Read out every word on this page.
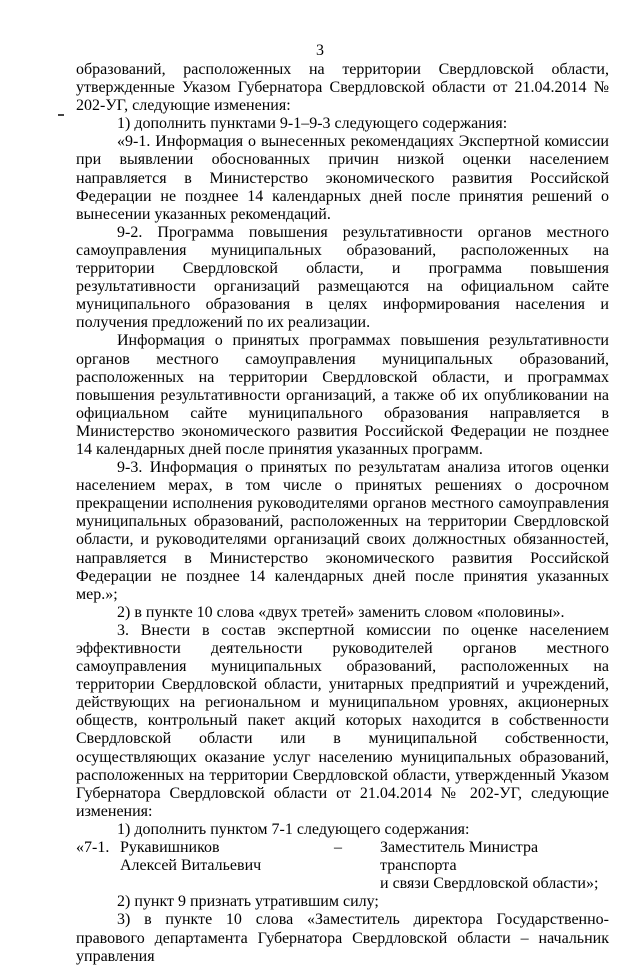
3

образований, расположенных на территории Свердловской области, утвержденные Указом Губернатора Свердловской области от 21.04.2014 № 202-УГ, следующие изменения:

1) дополнить пунктами 9-1–9-3 следующего содержания:

«9-1. Информация о вынесенных рекомендациях Экспертной комиссии при выявлении обоснованных причин низкой оценки населением направляется в Министерство экономического развития Российской Федерации не позднее 14 календарных дней после принятия решений о вынесении указанных рекомендаций.

9-2. Программа повышения результативности органов местного самоуправления муниципальных образований, расположенных на территории Свердловской области, и программа повышения результативности организаций размещаются на официальном сайте муниципального образования в целях информирования населения и получения предложений по их реализации.

Информация о принятых программах повышения результативности органов местного самоуправления муниципальных образований, расположенных на территории Свердловской области, и программах повышения результативности организаций, а также об их опубликовании на официальном сайте муниципального образования направляется в Министерство экономического развития Российской Федерации не позднее 14 календарных дней после принятия указанных программ.

9-3. Информация о принятых по результатам анализа итогов оценки населением мерах, в том числе о принятых решениях о досрочном прекращении исполнения руководителями органов местного самоуправления муниципальных образований, расположенных на территории Свердловской области, и руководителями организаций своих должностных обязанностей, направляется в Министерство экономического развития Российской Федерации не позднее 14 календарных дней после принятия указанных мер.»;

2) в пункте 10 слова «двух третей» заменить словом «половины».

3. Внести в состав экспертной комиссии по оценке населением эффективности деятельности руководителей органов местного самоуправления муниципальных образований, расположенных на территории Свердловской области, унитарных предприятий и учреждений, действующих на региональном и муниципальном уровнях, акционерных обществ, контрольный пакет акций которых находится в собственности Свердловской области или в муниципальной собственности, осуществляющих оказание услуг населению муниципальных образований, расположенных на территории Свердловской области, утвержденный Указом Губернатора Свердловской области от 21.04.2014 № 202-УГ, следующие изменения:

1) дополнить пунктом 7-1 следующего содержания:

«7-1. Рукавишников
Алексей Витальевич
–	Заместитель Министра транспорта
и связи Свердловской области»;

2) пункт 9 признать утратившим силу;

3) в пункте 10 слова «Заместитель директора Государственно-правового департамента Губернатора Свердловской области – начальник управления
